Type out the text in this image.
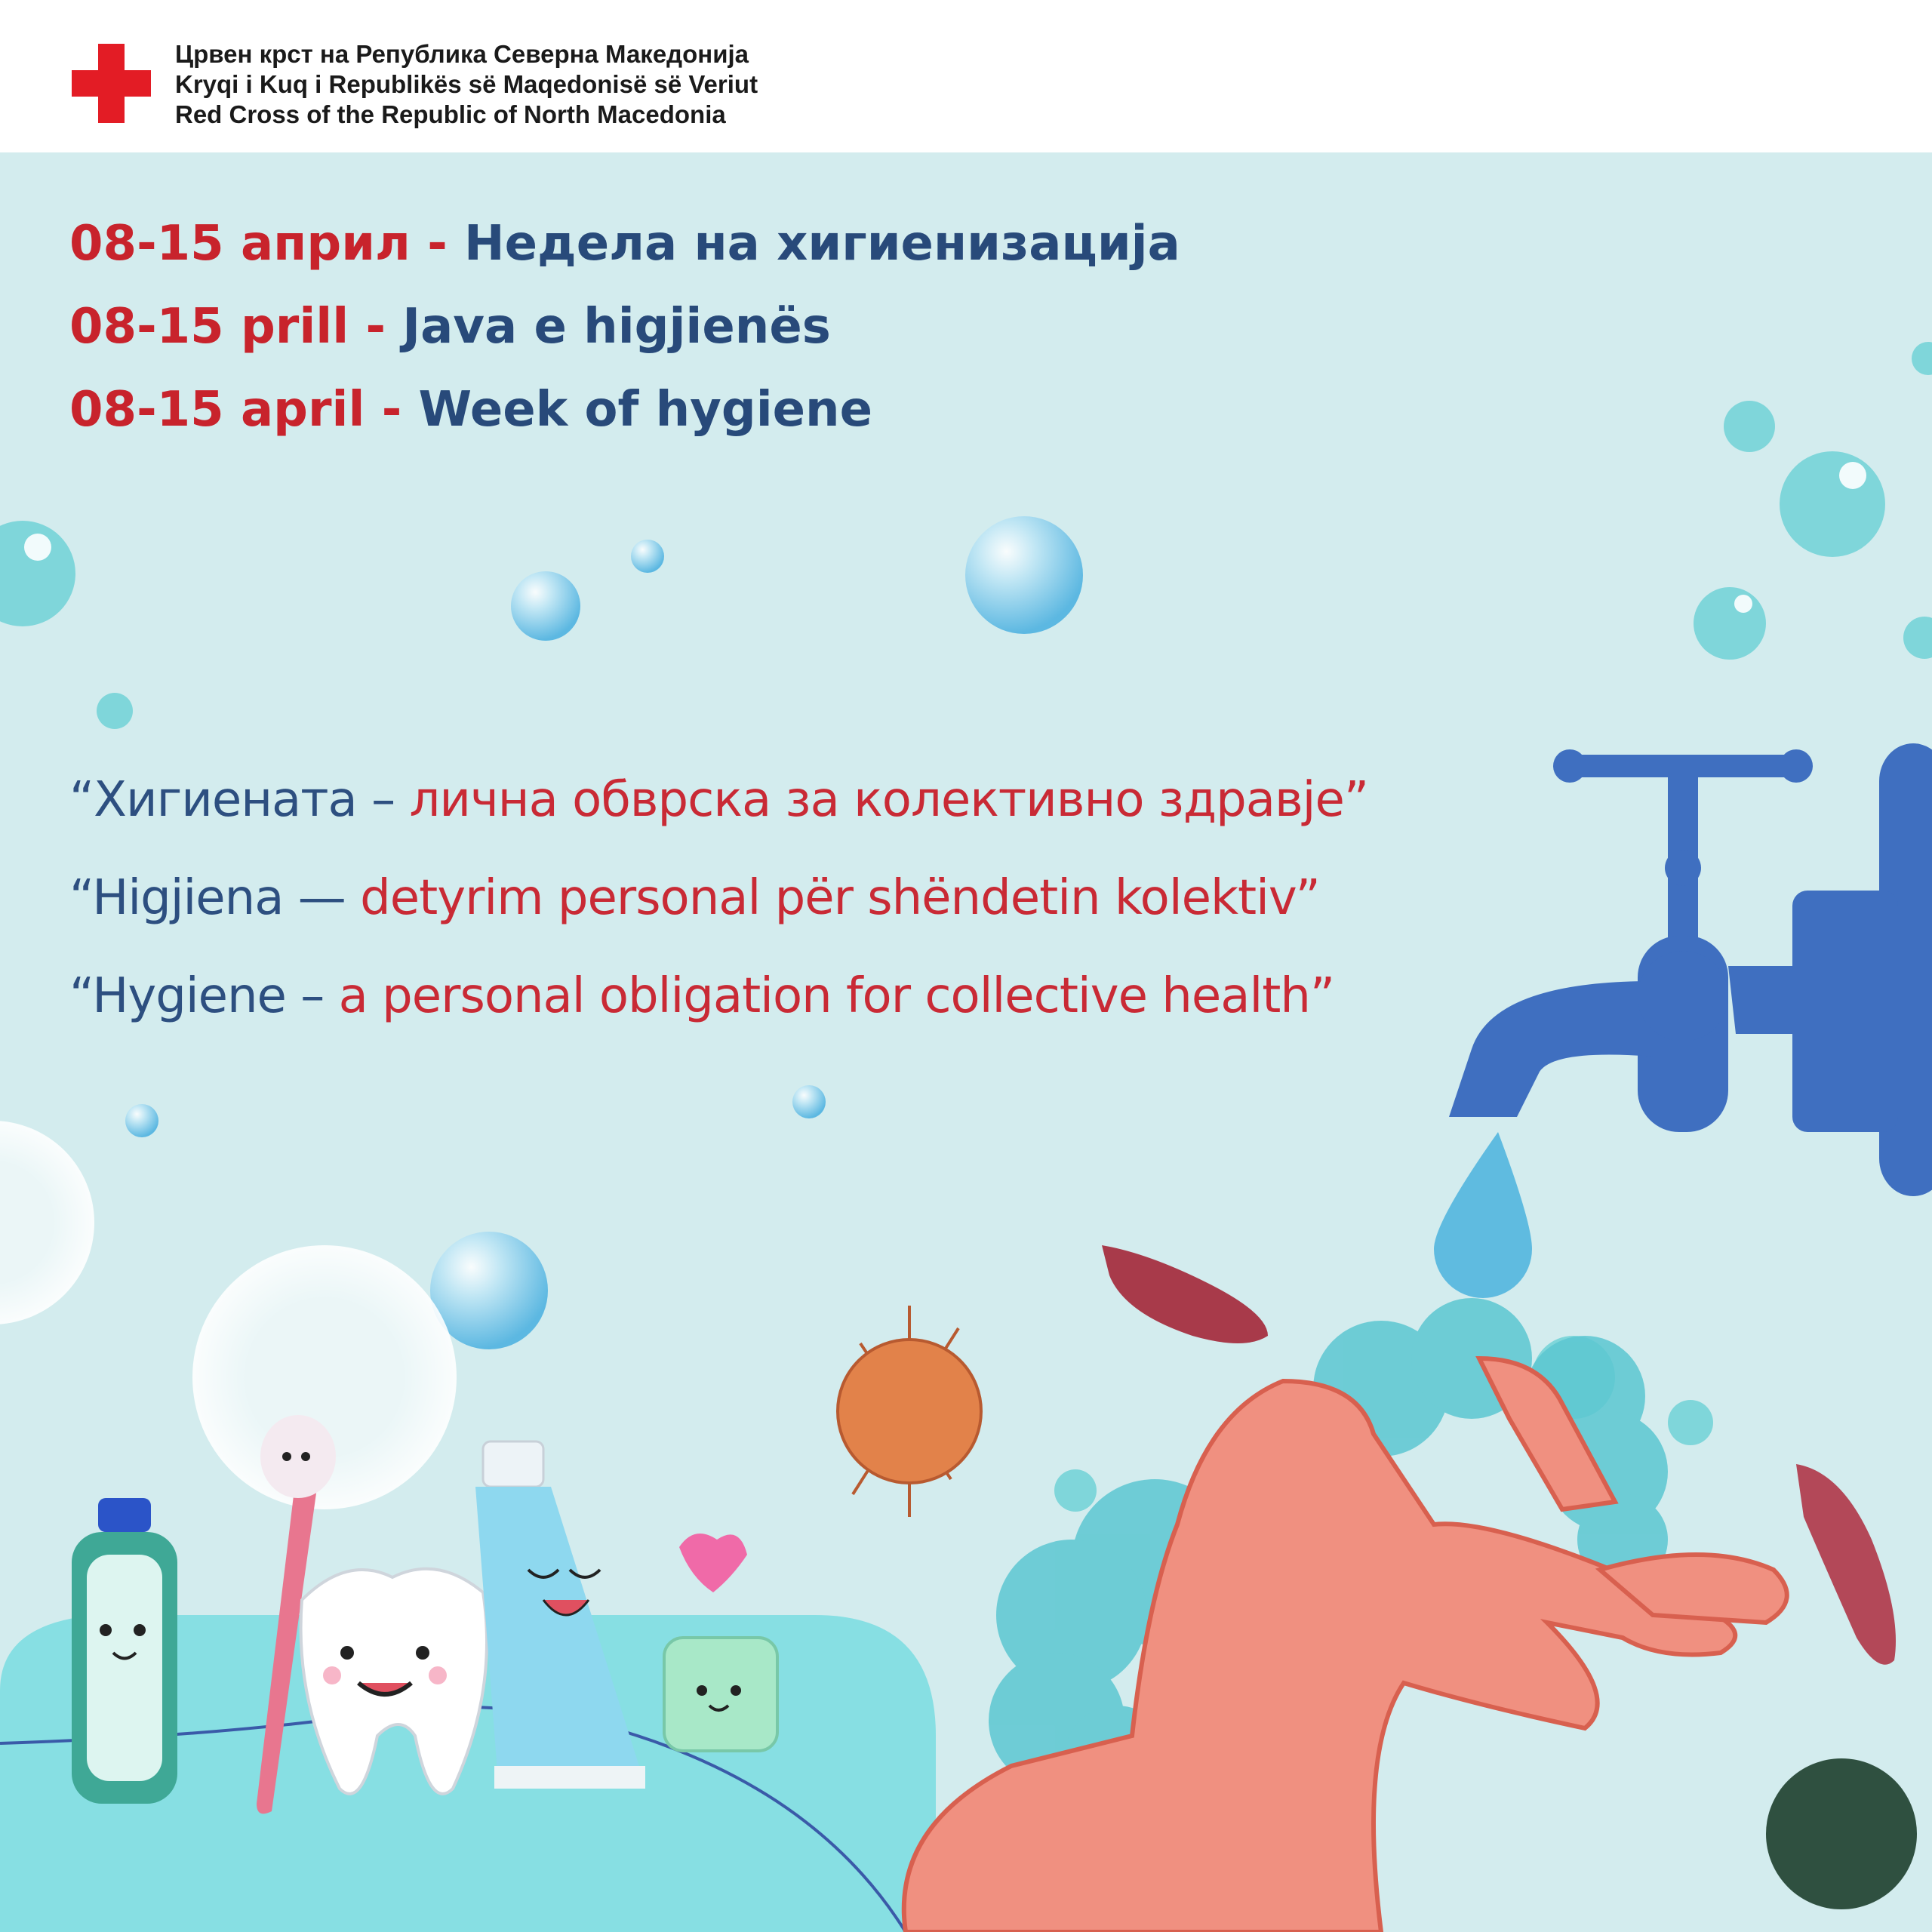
Црвен крст на Република Северна Македонија
Kryqi i Kuq i Republikës së Maqedonisë së Veriut
Red Cross of the Republic of North Macedonia
08-15 април - Недела на хигиенизација
08-15 prill - Java e higjienës
08-15 april - Week of hygiene
“Хигиената – лична обврска за колективно здравје”
“Higjiena — detyrim personal për shëndetin kolektiv”
“Hygiene – a personal obligation for collective health”
